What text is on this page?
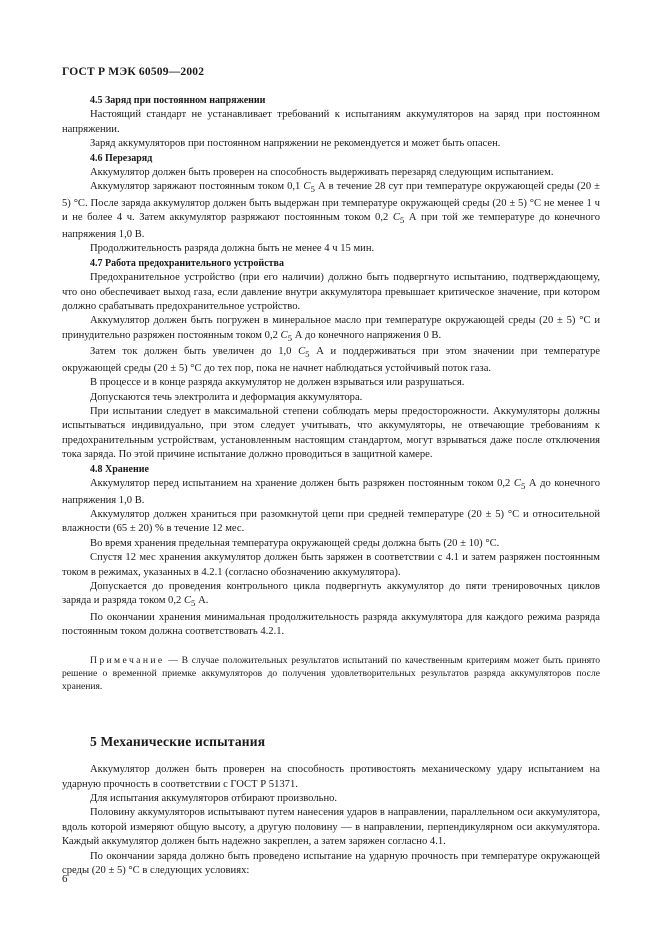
ГОСТ Р МЭК 60509—2002

4.5 Заряд при постоянном напряжении

Настоящий стандарт не устанавливает требований к испытаниям аккумуляторов на заряд при постоянном напряжении.

Заряд аккумуляторов при постоянном напряжении не рекомендуется и может быть опасен.

4.6 Перезаряд

Аккумулятор должен быть проверен на способность выдерживать перезаряд следующим испытанием.

Аккумулятор заряжают постоянным током 0,1 $C_5$ А в течение 28 сут при температуре окружающей среды (20 ± 5) °С. После заряда аккумулятор должен быть выдержан при температуре окружающей среды (20 ± 5) °С не менее 1 ч и не более 4 ч. Затем аккумулятор разряжают постоянным током 0,2 $C_5$ А при той же температуре до конечного напряжения 1,0 В.

Продолжительность разряда должна быть не менее 4 ч 15 мин.

4.7 Работа предохранительного устройства

Предохранительное устройство (при его наличии) должно быть подвергнуто испытанию, подтверждающему, что оно обеспечивает выход газа, если давление внутри аккумулятора превышает критическое значение, при котором должно срабатывать предохранительное устройство.

Аккумулятор должен быть погружен в минеральное масло при температуре окружающей среды (20 ± 5) °С и принудительно разряжен постоянным током 0,2 $C_5$ А до конечного напряжения 0 В.

Затем ток должен быть увеличен до 1,0 $C_5$ А и поддерживаться при этом значении при температуре окружающей среды (20 ± 5) °С до тех пор, пока не начнет наблюдаться устойчивый поток газа.

В процессе и в конце разряда аккумулятор не должен взрываться или разрушаться.

Допускаются течь электролита и деформация аккумулятора.

При испытании следует в максимальной степени соблюдать меры предосторожности. Аккумуляторы должны испытываться индивидуально, при этом следует учитывать, что аккумуляторы, не отвечающие требованиям к предохранительным устройствам, установленным настоящим стандартом, могут взрываться даже после отключения тока заряда. По этой причине испытание должно проводиться в защитной камере.

4.8 Хранение

Аккумулятор перед испытанием на хранение должен быть разряжен постоянным током 0,2 $C_5$ А до конечного напряжения 1,0 В.

Аккумулятор должен храниться при разомкнутой цепи при средней температуре (20 ± 5) °С и относительной влажности (65 ± 20) % в течение 12 мес.

Во время хранения предельная температура окружающей среды должна быть (20 ± 10) °С.

Спустя 12 мес хранения аккумулятор должен быть заряжен в соответствии с 4.1 и затем разряжен постоянным током в режимах, указанных в 4.2.1 (согласно обозначению аккумулятора).

Допускается до проведения контрольного цикла подвергнуть аккумулятор до пяти тренировочных циклов заряда и разряда током 0,2 $C_5$ А.

По окончании хранения минимальная продолжительность разряда аккумулятора для каждого режима разряда постоянным током должна соответствовать 4.2.1.

Примечание — В случае положительных результатов испытаний по качественным критериям может быть принято решение о временной приемке аккумуляторов до получения удовлетворительных результатов разряда аккумуляторов после хранения.

5 Механические испытания

Аккумулятор должен быть проверен на способность противостоять механическому удару испытанием на ударную прочность в соответствии с ГОСТ Р 51371.

Для испытания аккумуляторов отбирают произвольно.

Половину аккумуляторов испытывают путем нанесения ударов в направлении, параллельном оси аккумулятора, вдоль которой измеряют общую высоту, а другую половину — в направлении, перпендикулярном оси аккумулятора. Каждый аккумулятор должен быть надежно закреплен, а затем заряжен согласно 4.1.

По окончании заряда должно быть проведено испытание на ударную прочность при температуре окружающей среды (20 ± 5) °С в следующих условиях:

6
